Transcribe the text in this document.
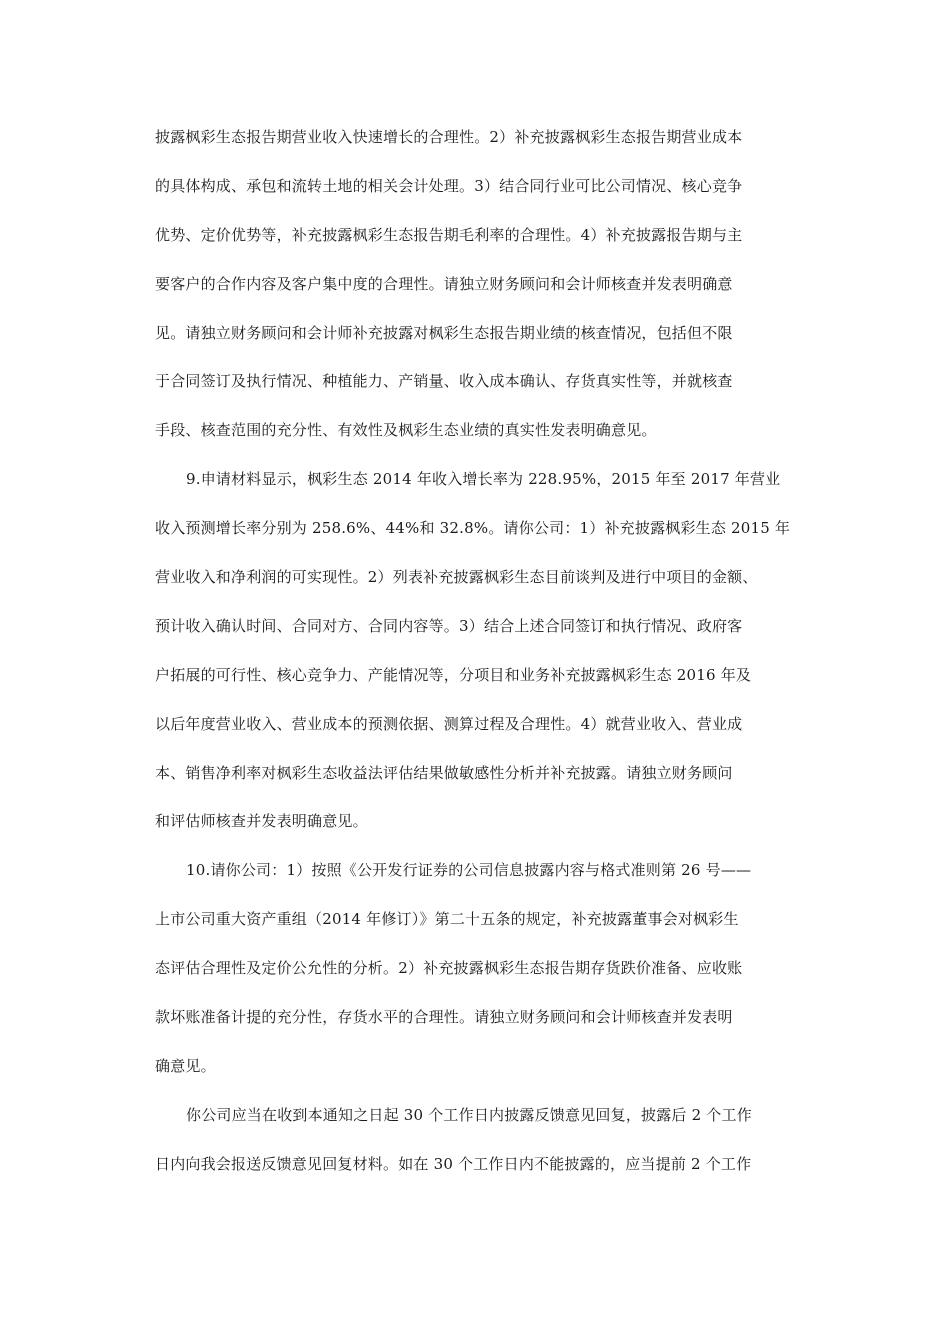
披露枫彩生态报告期营业收入快速增长的合理性。2）补充披露枫彩生态报告期营业成本
的具体构成、承包和流转土地的相关会计处理。3）结合同行业可比公司情况、核心竞争
优势、定价优势等，补充披露枫彩生态报告期毛利率的合理性。4）补充披露报告期与主
要客户的合作内容及客户集中度的合理性。请独立财务顾问和会计师核查并发表明确意
见。请独立财务顾问和会计师补充披露对枫彩生态报告期业绩的核查情况，包括但不限
于合同签订及执行情况、种植能力、产销量、收入成本确认、存货真实性等，并就核查
手段、核查范围的充分性、有效性及枫彩生态业绩的真实性发表明确意见。
9.申请材料显示，枫彩生态 2014 年收入增长率为 228.95%，2015 年至 2017 年营业
收入预测增长率分别为 258.6%、44%和 32.8%。请你公司：1）补充披露枫彩生态 2015 年
营业收入和净利润的可实现性。2）列表补充披露枫彩生态目前谈判及进行中项目的金额、
预计收入确认时间、合同对方、合同内容等。3）结合上述合同签订和执行情况、政府客
户拓展的可行性、核心竞争力、产能情况等，分项目和业务补充披露枫彩生态 2016 年及
以后年度营业收入、营业成本的预测依据、测算过程及合理性。4）就营业收入、营业成
本、销售净利率对枫彩生态收益法评估结果做敏感性分析并补充披露。请独立财务顾问
和评估师核查并发表明确意见。
10.请你公司：1）按照《公开发行证券的公司信息披露内容与格式准则第 26 号——
上市公司重大资产重组（2014 年修订）》第二十五条的规定，补充披露董事会对枫彩生
态评估合理性及定价公允性的分析。2）补充披露枫彩生态报告期存货跌价准备、应收账
款坏账准备计提的充分性，存货水平的合理性。请独立财务顾问和会计师核查并发表明
确意见。
你公司应当在收到本通知之日起 30 个工作日内披露反馈意见回复，披露后 2 个工作
日内向我会报送反馈意见回复材料。如在 30 个工作日内不能披露的，应当提前 2 个工作
